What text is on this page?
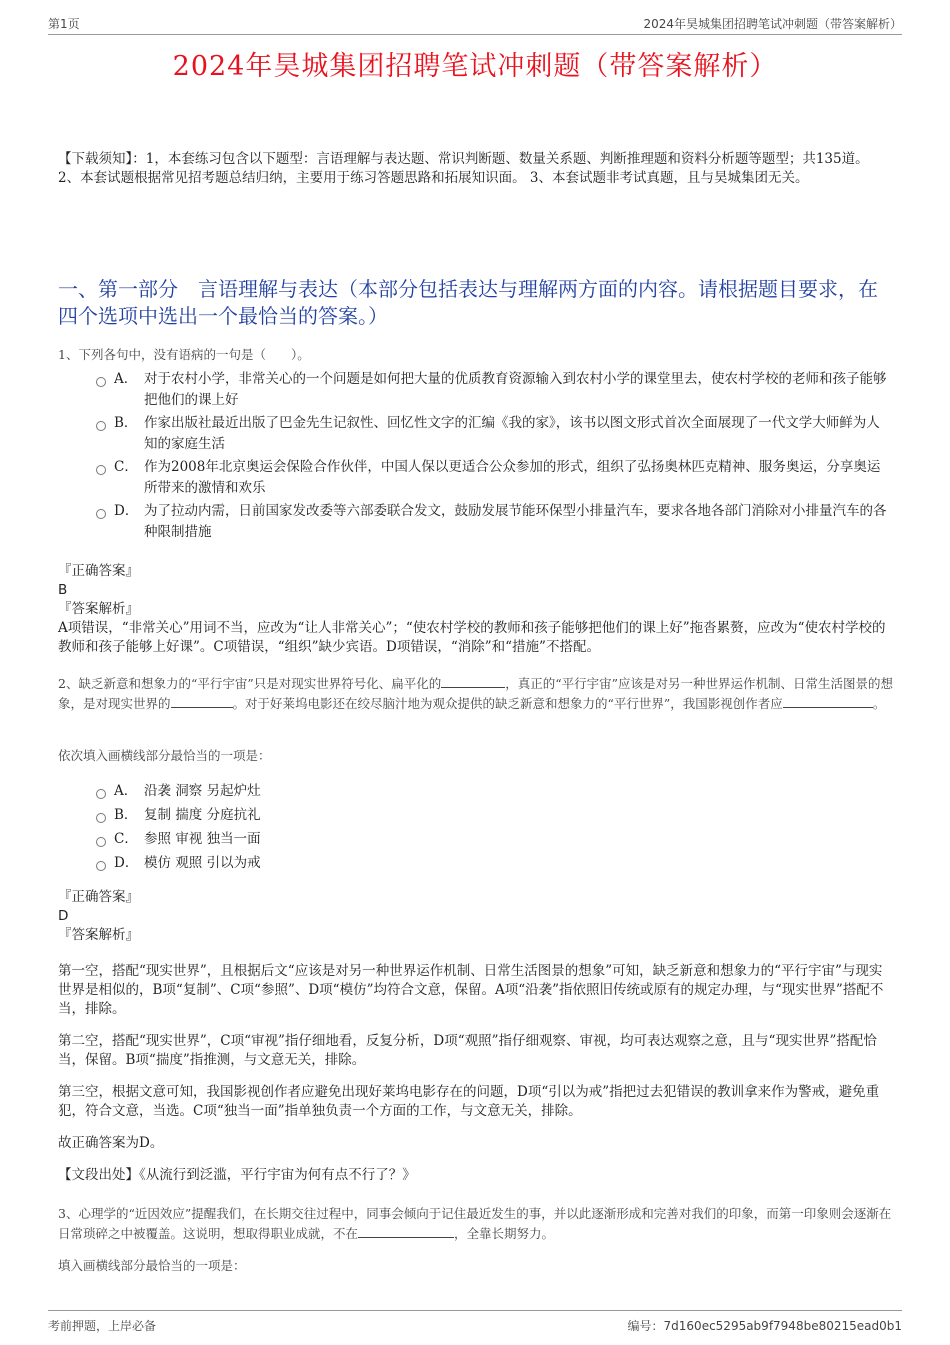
第1页	2024年昊城集团招聘笔试冲刺题（带答案解析）
2024年昊城集团招聘笔试冲刺题（带答案解析）
【下载须知】：1，本套练习包含以下题型：言语理解与表达题、常识判断题、数量关系题、判断推理题和资料分析题等题型；共135道。 2、本套试题根据常见招考题总结归纳，主要用于练习答题思路和拓展知识面。 3、本套试题非考试真题，且与昊城集团无关。
一、第一部分　言语理解与表达（本部分包括表达与理解两方面的内容。请根据题目要求，在四个选项中选出一个最恰当的答案。）
1、下列各句中，没有语病的一句是（　　）。
A． 对于农村小学，非常关心的一个问题是如何把大量的优质教育资源输入到农村小学的课堂里去，使农村学校的老师和孩子能够把他们的课上好
B． 作家出版社最近出版了巴金先生记叙性、回忆性文字的汇编《我的家》，该书以图文形式首次全面展现了一代文学大师鲜为人知的家庭生活
C． 作为2008年北京奥运会保险合作伙伴，中国人保以更适合公众参加的形式，组织了弘扬奥林匹克精神、服务奥运，分享奥运所带来的激情和欢乐
D． 为了拉动内需，日前国家发改委等六部委联合发文，鼓励发展节能环保型小排量汽车，要求各地各部门消除对小排量汽车的各种限制措施
『正确答案』
B
『答案解析』
A项错误，“非常关心”用词不当，应改为“让人非常关心”；“使农村学校的教师和孩子能够把他们的课上好”拖沓累赘，应改为“使农村学校的教师和孩子能够上好课”。C项错误，“组织”缺少宾语。D项错误，“消除”和“措施”不搭配。
2、缺乏新意和想象力的“平行宇宙”只是对现实世界符号化、扁平化的	，真正的“平行宇宙”应该是对另一种世界运作机制、日常生活图景的想象，是对现实世界的	。对于好莱坞电影还在绞尽脑汁地为观众提供的缺乏新意和想象力的“平行世界”，我国影视创作者应	。
依次填入画横线部分最恰当的一项是：
A． 沿袭 洞察 另起炉灶
B． 复制 揣度 分庭抗礼
C． 参照 审视 独当一面
D． 模仿 观照 引以为戒
『正确答案』
D
『答案解析』

第一空，搭配“现实世界”，且根据后文“应该是对另一种世界运作机制、日常生活图景的想象”可知，缺乏新意和想象力的“平行宇宙”与现实世界是相似的，B项“复制”、C项“参照”、D项“模仿”均符合文意，保留。A项“沿袭”指依照旧传统或原有的规定办理，与“现实世界”搭配不当，排除。

第二空，搭配“现实世界”，C项“审视”指仔细地看，反复分析，D项“观照”指仔细观察、审视，均可表达观察之意，且与“现实世界”搭配恰当，保留。B项“揣度”指推测，与文意无关，排除。

第三空，根据文意可知，我国影视创作者应避免出现好莱坞电影存在的问题，D项“引以为戒”指把过去犯错误的教训拿来作为警戒，避免重犯，符合文意，当选。C项“独当一面”指单独负责一个方面的工作，与文意无关，排除。

故正确答案为D。

【文段出处】《从流行到泛滥，平行宇宙为何有点不行了？》

3、心理学的“近因效应”提醒我们，在长期交往过程中，同事会倾向于记住最近发生的事，并以此逐渐形成和完善对我们的印象，而第一印象则会逐渐在日常琐碎之中被覆盖。这说明，想取得职业成就，不在	，全靠长期努力。
填入画横线部分最恰当的一项是：
考前押题，上岸必备	编号：7d160ec5295ab9f7948be80215ead0b1
